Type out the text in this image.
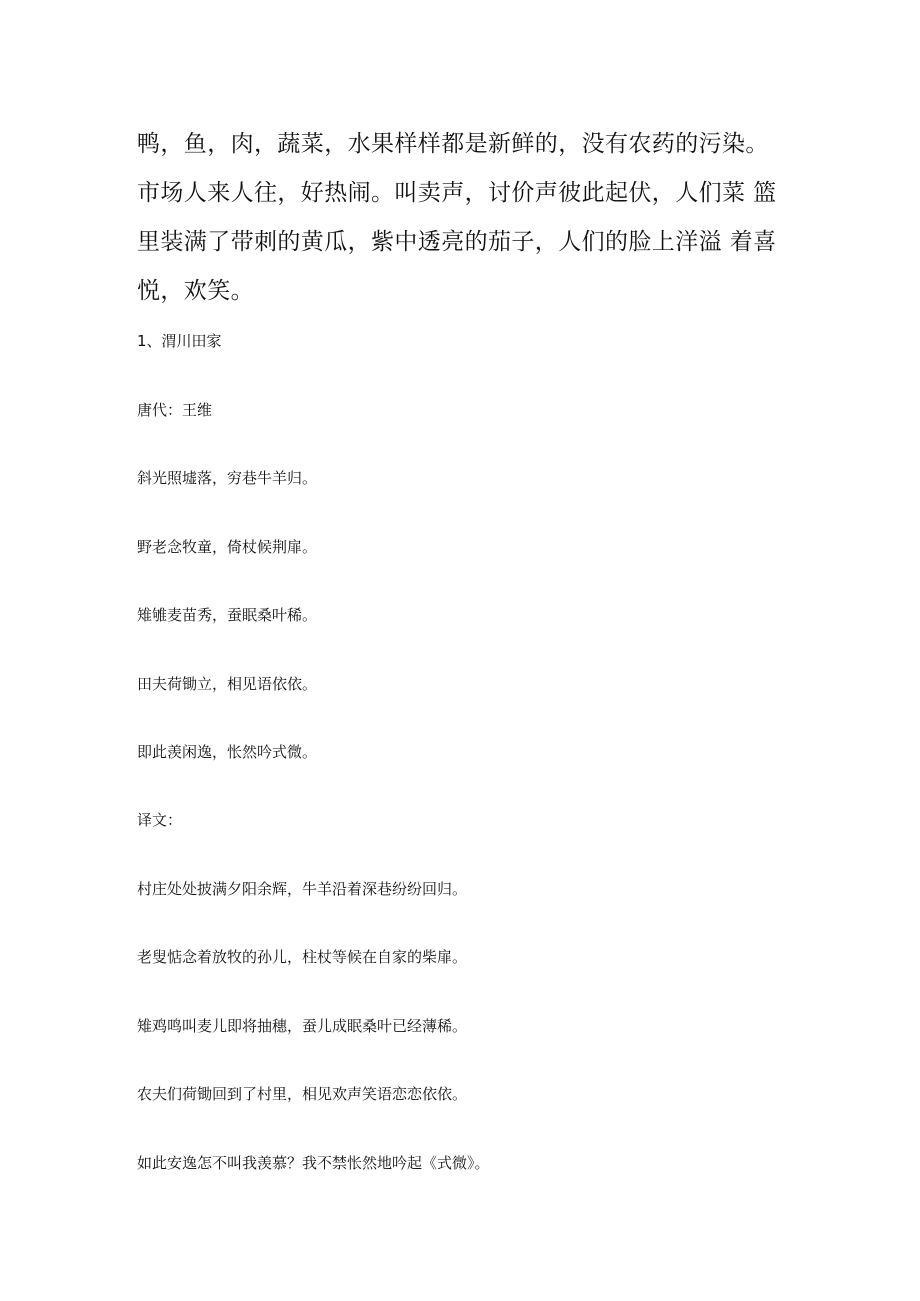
鸭，鱼，肉，蔬菜，水果样样都是新鲜的，没有农药的污染。
市场人来人往，好热闹。叫卖声，讨价声彼此起伏，人们菜 篮
里装满了带刺的黄瓜，紫中透亮的茄子，人们的脸上洋溢 着喜
悦，欢笑。
1、渭川田家
唐代：王维
斜光照墟落，穷巷牛羊归。
野老念牧童，倚杖候荆扉。
雉雊麦苗秀，蚕眠桑叶稀。
田夫荷锄立，相见语依依。
即此羡闲逸，怅然吟式微。
译文：
村庄处处披满夕阳余辉，牛羊沿着深巷纷纷回归。
老叟惦念着放牧的孙儿，柱杖等候在自家的柴扉。
雉鸡鸣叫麦儿即将抽穗，蚕儿成眠桑叶已经薄稀。
农夫们荷锄回到了村里，相见欢声笑语恋恋依依。
如此安逸怎不叫我羡慕？我不禁怅然地吟起《式微》。
